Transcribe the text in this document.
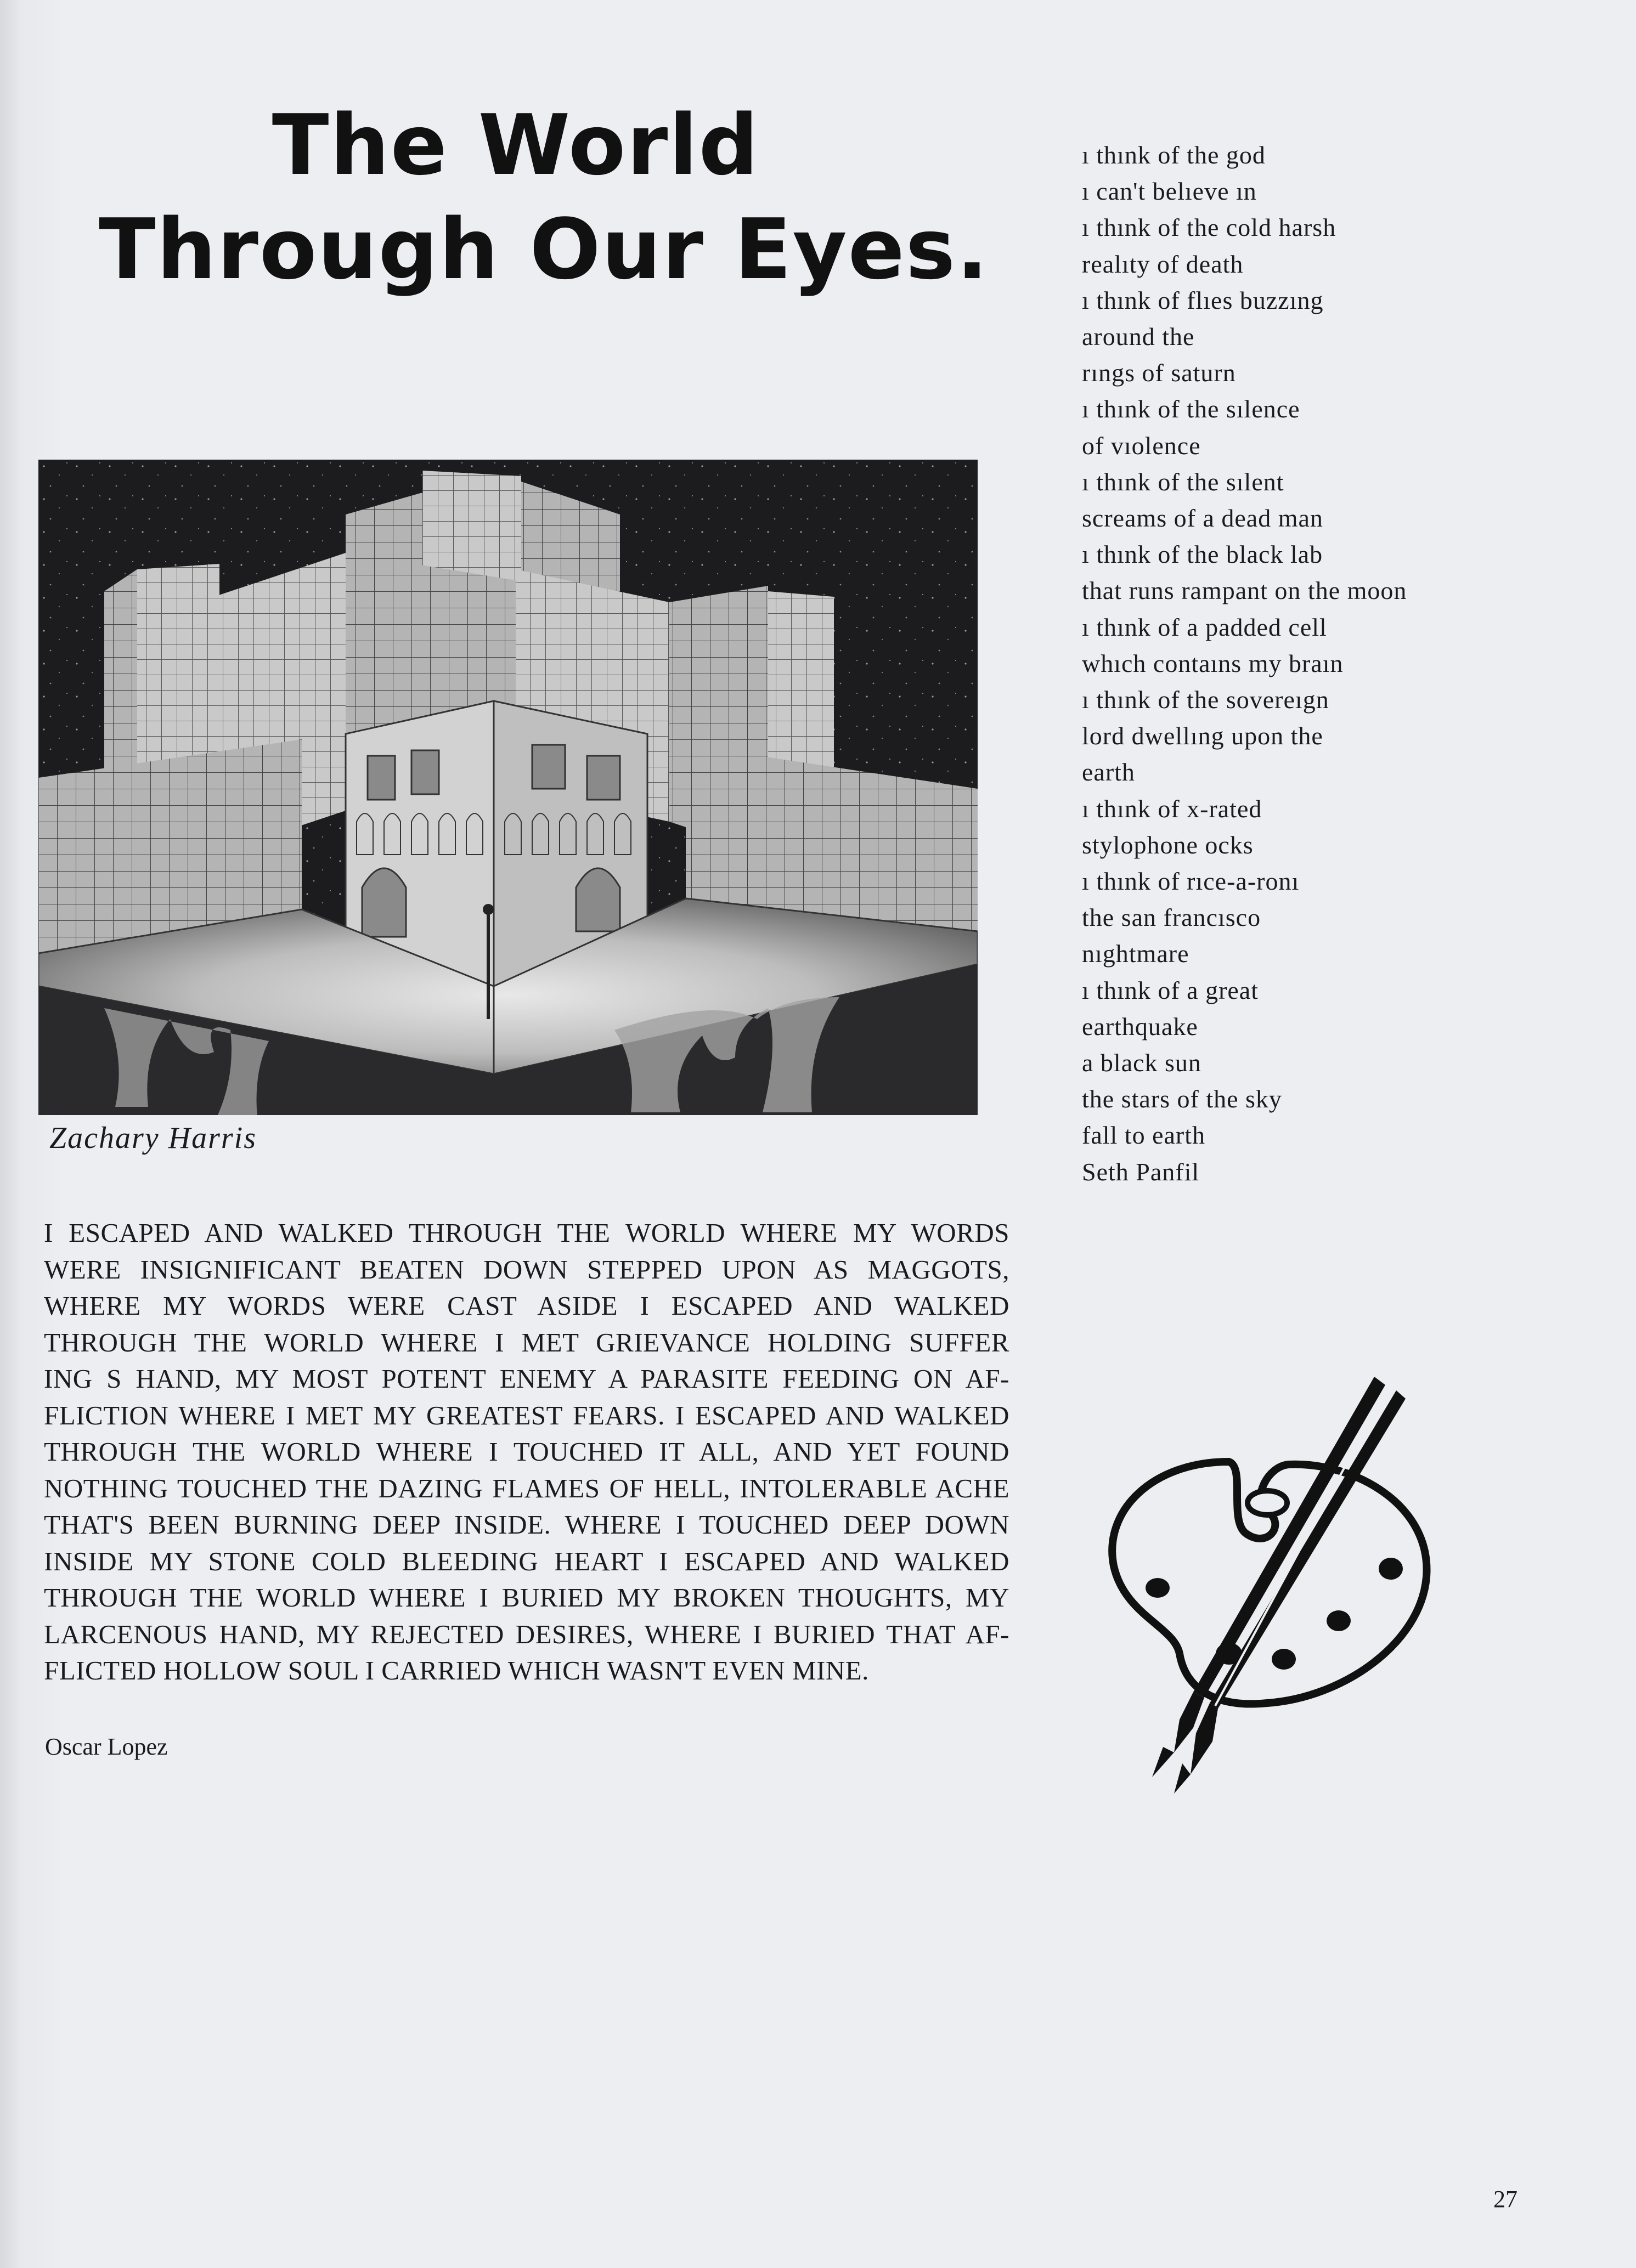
The World
Through Our Eyes.
Zachary Harris
I ESCAPED AND WALKED THROUGH THE WORLD WHERE MY WORDS
WERE INSIGNIFICANT BEATEN DOWN STEPPED UPON AS MAGGOTS,
WHERE MY WORDS WERE CAST ASIDE I ESCAPED AND WALKED
THROUGH THE WORLD WHERE I MET GRIEVANCE HOLDING SUFFER
ING S HAND, MY MOST POTENT ENEMY A PARASITE FEEDING ON AF-
FLICTION WHERE I MET MY GREATEST FEARS. I ESCAPED AND WALKED
THROUGH THE WORLD WHERE I TOUCHED IT ALL, AND YET FOUND
NOTHING TOUCHED THE DAZING FLAMES OF HELL, INTOLERABLE ACHE
THAT'S BEEN BURNING DEEP INSIDE. WHERE I TOUCHED DEEP DOWN
INSIDE MY STONE COLD BLEEDING HEART I ESCAPED AND WALKED
THROUGH THE WORLD WHERE I BURIED MY BROKEN THOUGHTS, MY
LARCENOUS HAND, MY REJECTED DESIRES, WHERE I BURIED THAT AF-
FLICTED HOLLOW SOUL I CARRIED WHICH WASN'T EVEN MINE.
Oscar Lopez
ı thınk of the god
ı can't belıeve ın
ı thınk of the cold harsh
realıty of death
ı thınk of flıes buzzıng
around the
rıngs of saturn
ı thınk of the sılence
of vıolence
ı thınk of the sılent
screams of a dead man
ı thınk of the black lab
that runs rampant on the moon
ı thınk of a padded cell
whıch contaıns my braın
ı thınk of the sovereıgn
lord dwellıng upon the
earth
ı thınk of x-rated
stylophone ocks
ı thınk of rıce-a-ronı
the san francısco
nıghtmare
ı thınk of a great
earthquake
a black sun
the stars of the sky
fall to earth
Seth Panfil
27
